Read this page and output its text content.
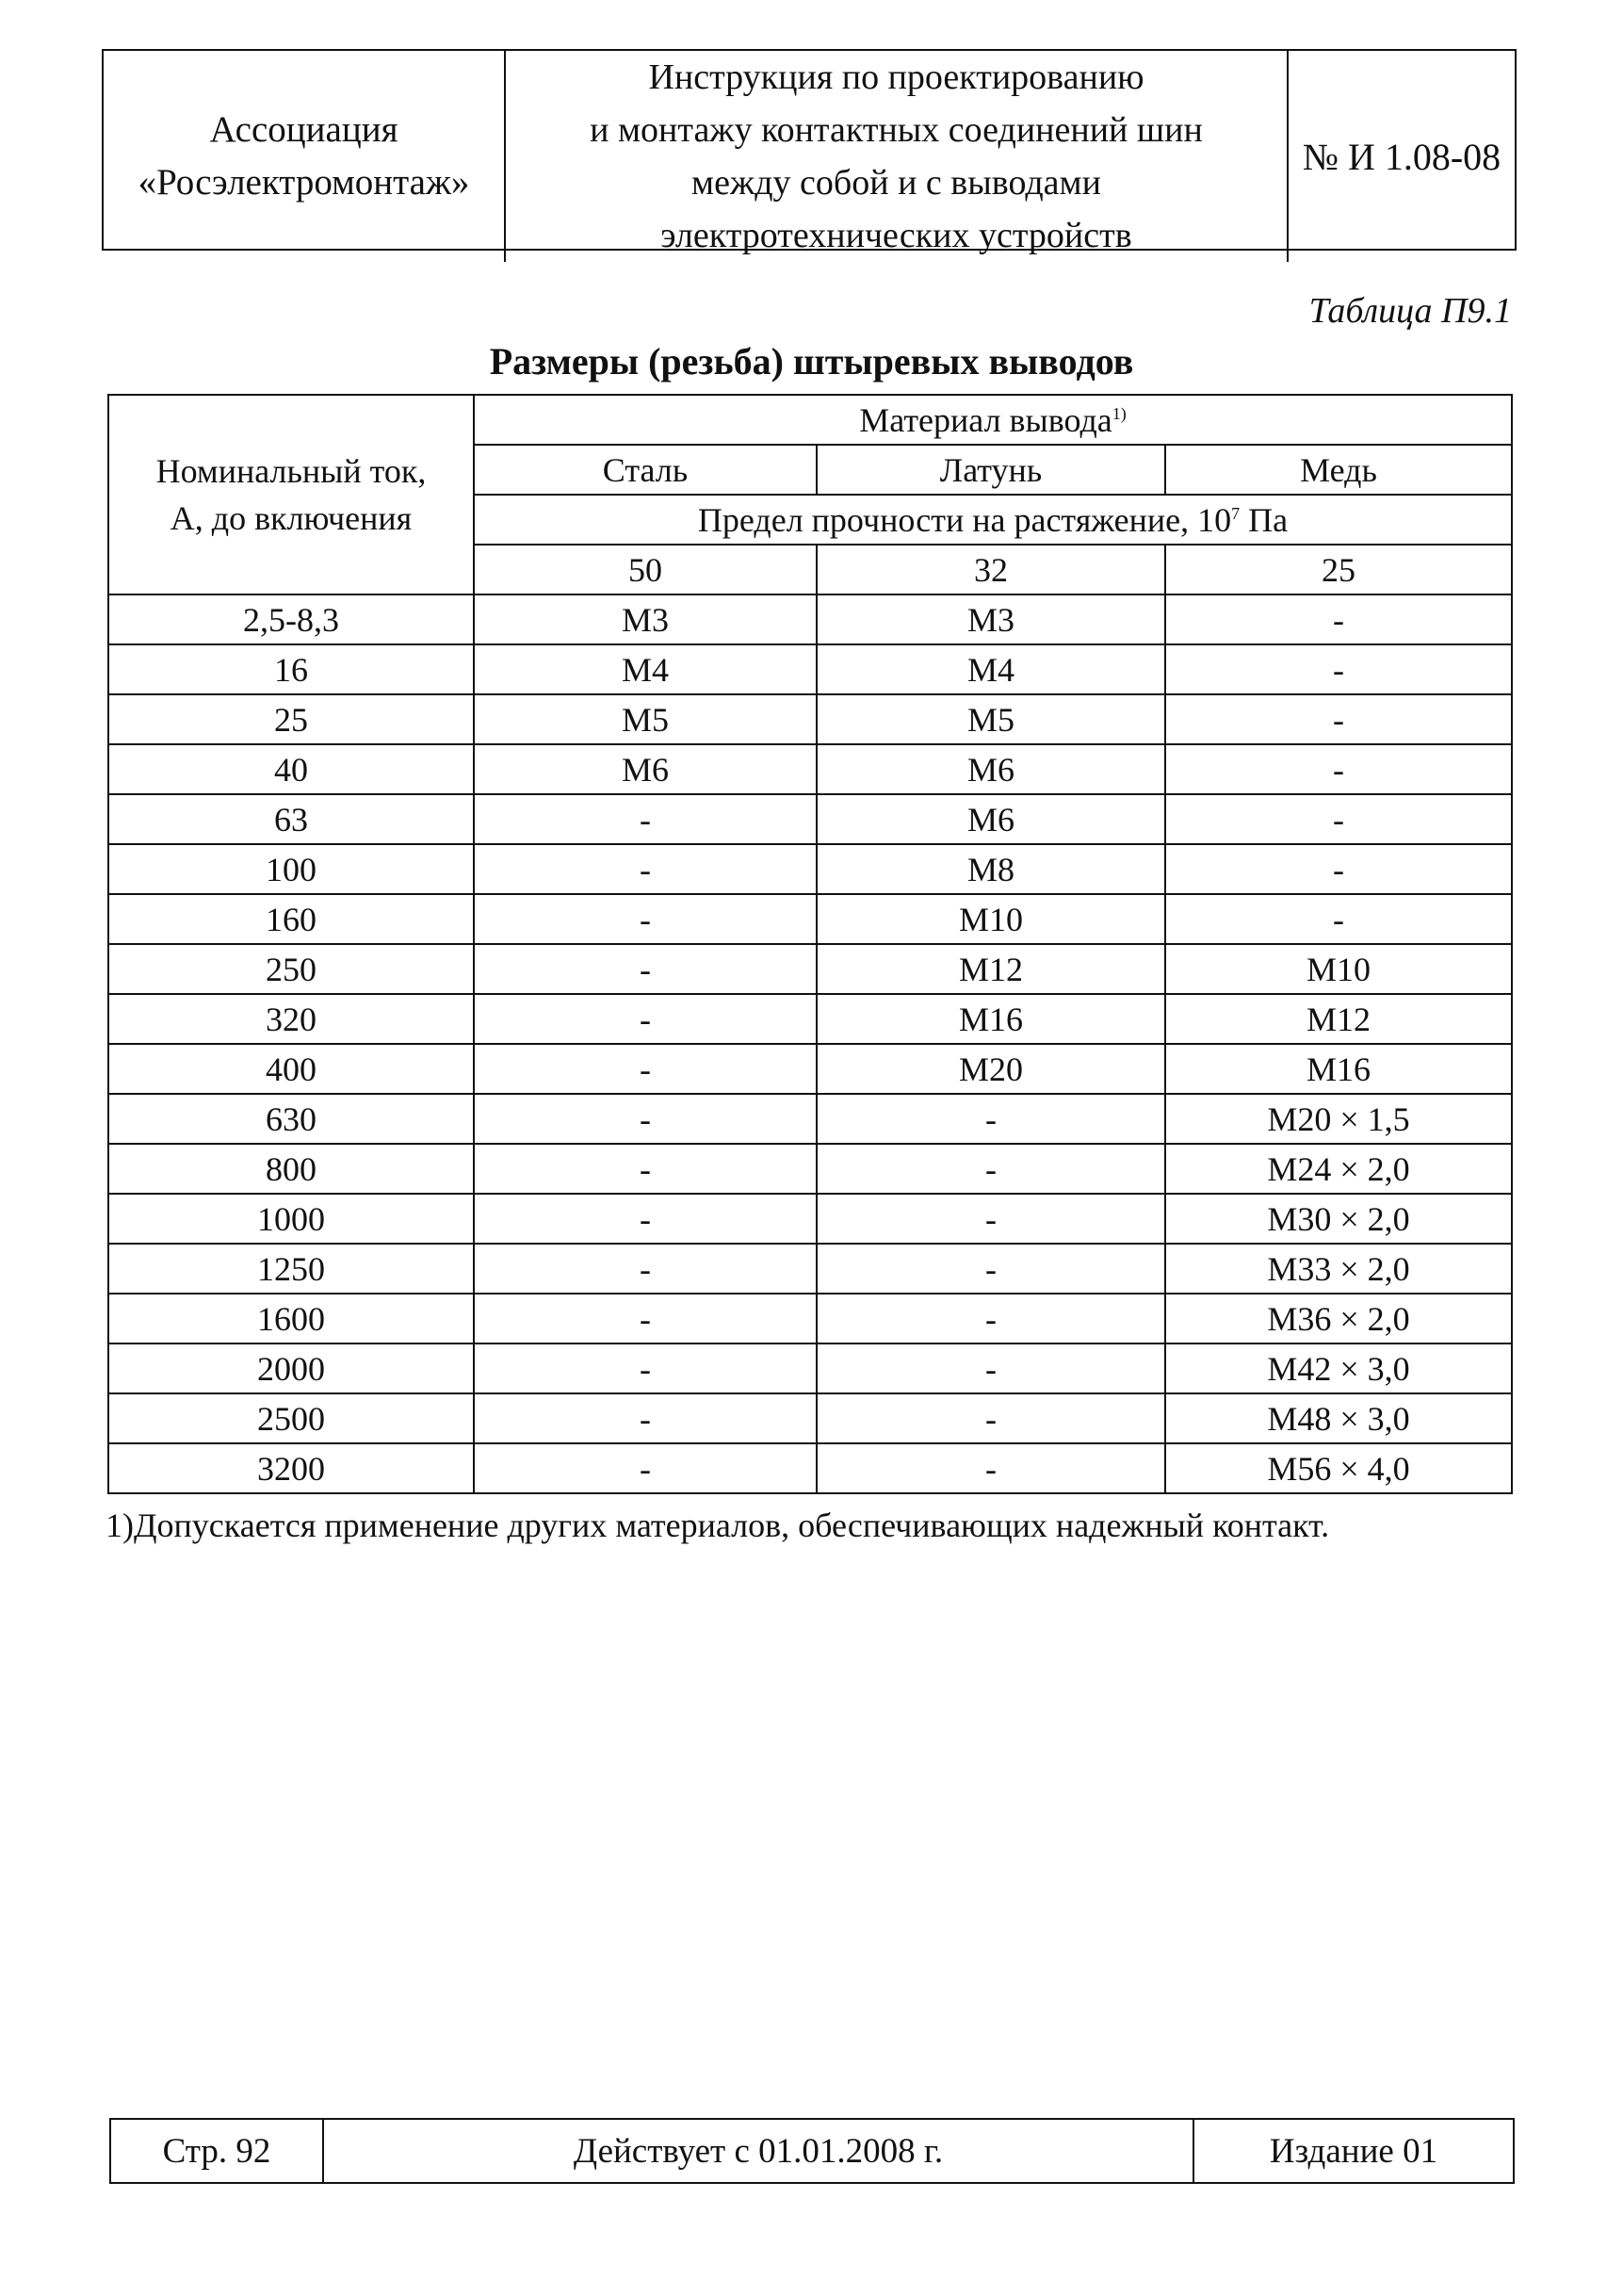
Ассоциация
«Росэлектромонтаж»
Инструкция по проектированию
и монтажу контактных соединений шин
между собой и с выводами
электротехнических устройств
№ И 1.08-08
Таблица П9.1
Размеры (резьба) штыревых выводов
Номинальный ток,
А, до включения	Материал вывода$^{1)}$
	Сталь	Латунь	Медь
	Предел прочности на растяжение, $10^7$ Па		
	50	32	25
2,5-8,3	М3	М3	-
16	М4	М4	-
25	М5	М5	-
40	М6	М6	-
63	-	М6	-
100	-	М8	-
160	-	М10	-
250	-	М12	М10
320	-	М16	М12
400	-	М20	М16
630	-	-	М20 × 1,5
800	-	-	М24 × 2,0
1000	-	-	М30 × 2,0
1250	-	-	М33 × 2,0
1600	-	-	М36 × 2,0
2000	-	-	М42 × 3,0
2500	-	-	М48 × 3,0
3200	-	-	М56 × 4,0
1)Допускается применение других материалов, обеспечивающих надежный контакт.
Стр. 92	Действует с 01.01.2008 г.	Издание 01
